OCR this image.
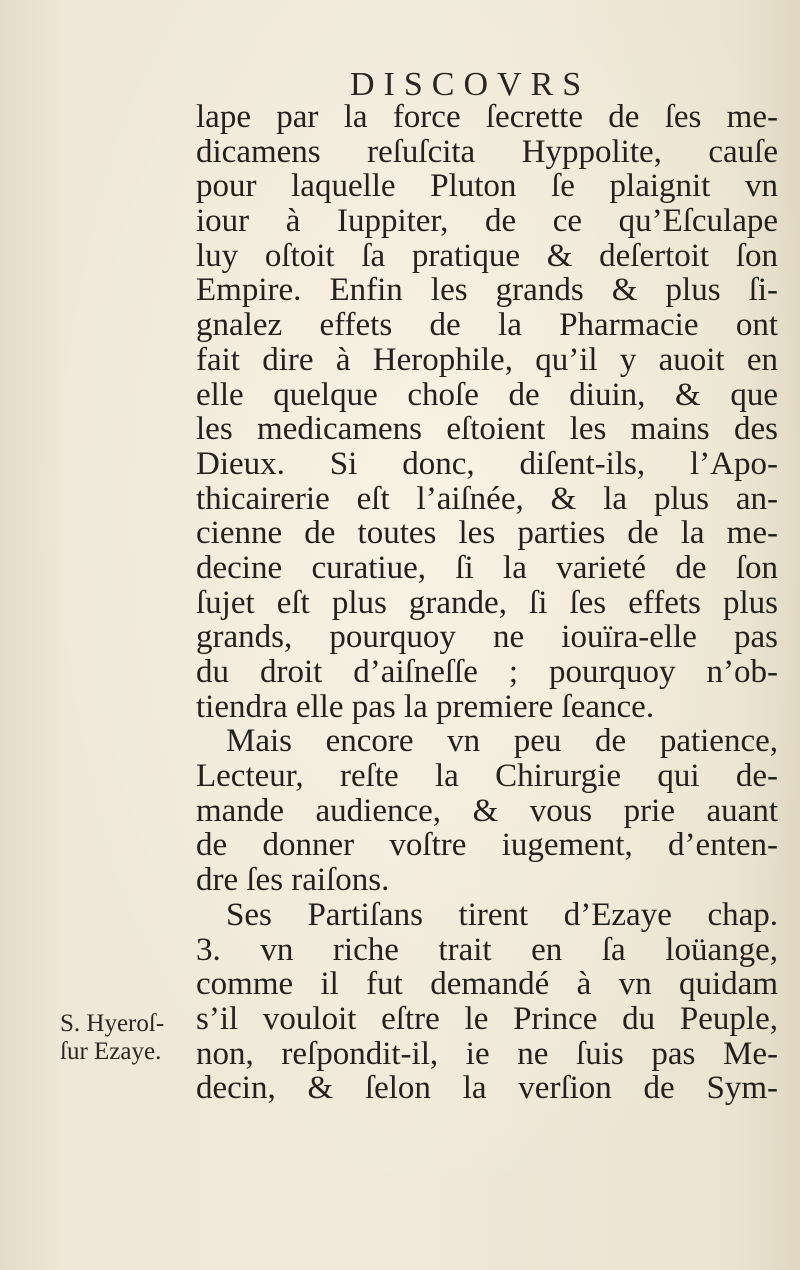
DISCOVRS
lape par la force ſecrette de ſes me-
dicamens reſuſcita Hyppolite, cauſe
pour laquelle Pluton ſe plaignit vn
iour à Iuppiter, de ce qu’Eſculape
luy oſtoit ſa pratique & deſertoit ſon
Empire. Enfin les grands & plus ſi-
gnalez effets de la Pharmacie ont
fait dire à Herophile, qu’il y auoit en
elle quelque choſe de diuin, & que
les medicamens eſtoient les mains des
Dieux. Si donc, diſent-ils, l’Apo-
thicairerie eſt l’aiſnée, & la plus an-
cienne de toutes les parties de la me-
decine curatiue, ſi la varieté de ſon
ſujet eſt plus grande, ſi ſes effets plus
grands, pourquoy ne iouïra-elle pas
du droit d’aiſneſſe ; pourquoy n’ob-
tiendra elle pas la premiere ſeance.
Mais encore vn peu de patience,
Lecteur, reſte la Chirurgie qui de-
mande audience, & vous prie auant
de donner voſtre iugement, d’enten-
dre ſes raiſons.
Ses Partiſans tirent d’Ezaye chap.
3. vn riche trait en ſa loüange,
comme il fut demandé à vn quidam
s’il vouloit eſtre le Prince du Peuple,
non, reſpondit-il, ie ne ſuis pas Me-
decin, & ſelon la verſion de Sym-
S. Hyeroſ-
ſur Ezaye.
